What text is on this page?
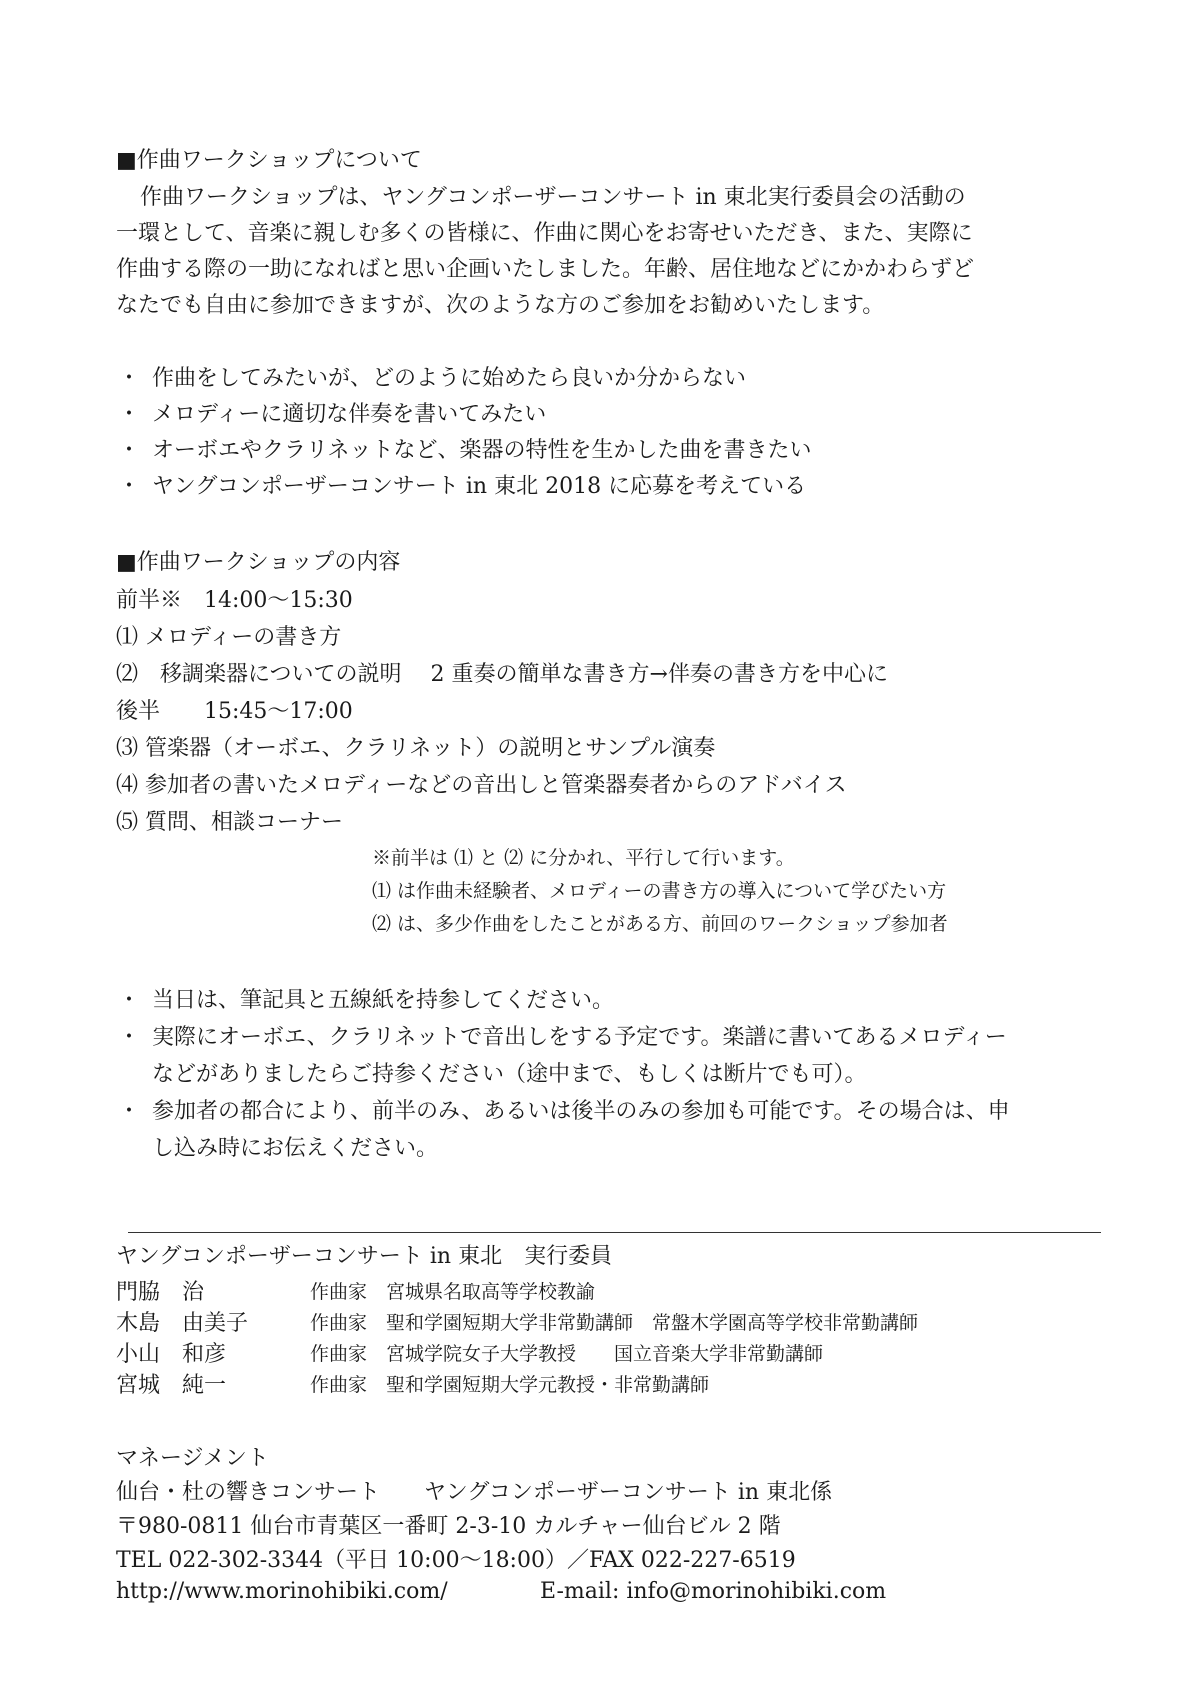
■作曲ワークショップについて
作曲ワークショップは、ヤングコンポーザーコンサート in 東北実行委員会の活動の
一環として、音楽に親しむ多くの皆様に、作曲に関心をお寄せいただき、また、実際に
作曲する際の一助になればと思い企画いたしました。年齢、居住地などにかかわらずど
なたでも自由に参加できますが、次のような方のご参加をお勧めいたします。
・ 作曲をしてみたいが、どのように始めたら良いか分からない
・ メロディーに適切な伴奏を書いてみたい
・ オーボエやクラリネットなど、楽器の特性を生かした曲を書きたい
・ ヤングコンポーザーコンサート in 東北 2018 に応募を考えている
■作曲ワークショップの内容
前半※　14:00～15:30
⑴ メロディーの書き方
⑵　移調楽器についての説明　 2 重奏の簡単な書き方→伴奏の書き方を中心に
後半　　15:45～17:00
⑶ 管楽器（オーボエ、クラリネット）の説明とサンプル演奏
⑷ 参加者の書いたメロディーなどの音出しと管楽器奏者からのアドバイス
⑸ 質問、相談コーナー
※前半は ⑴ と ⑵ に分かれ、平行して行います。
⑴ は作曲未経験者、メロディーの書き方の導入について学びたい方
⑵ は、多少作曲をしたことがある方、前回のワークショップ参加者
・ 当日は、筆記具と五線紙を持参してください。
・ 実際にオーボエ、クラリネットで音出しをする予定です。楽譜に書いてあるメロディー
などがありましたらご持参ください（途中まで、もしくは断片でも可）。
・ 参加者の都合により、前半のみ、あるいは後半のみの参加も可能です。その場合は、申
し込み時にお伝えください。
ヤングコンポーザーコンサート in 東北　実行委員
門脇　治	作曲家　宮城県名取高等学校教諭
木島　由美子	作曲家　聖和学園短期大学非常勤講師　常盤木学園高等学校非常勤講師
小山　和彦	作曲家　宮城学院女子大学教授　　国立音楽大学非常勤講師
宮城　純一	作曲家　聖和学園短期大学元教授・非常勤講師
マネージメント
仙台・杜の響きコンサート　　ヤングコンポーザーコンサート in 東北係
〒980-0811 仙台市青葉区一番町 2-3-10 カルチャー仙台ビル 2 階
TEL 022-302-3344（平日 10:00～18:00）／FAX 022-227-6519
http://www.morinohibiki.com/	E-mail: info@morinohibiki.com
